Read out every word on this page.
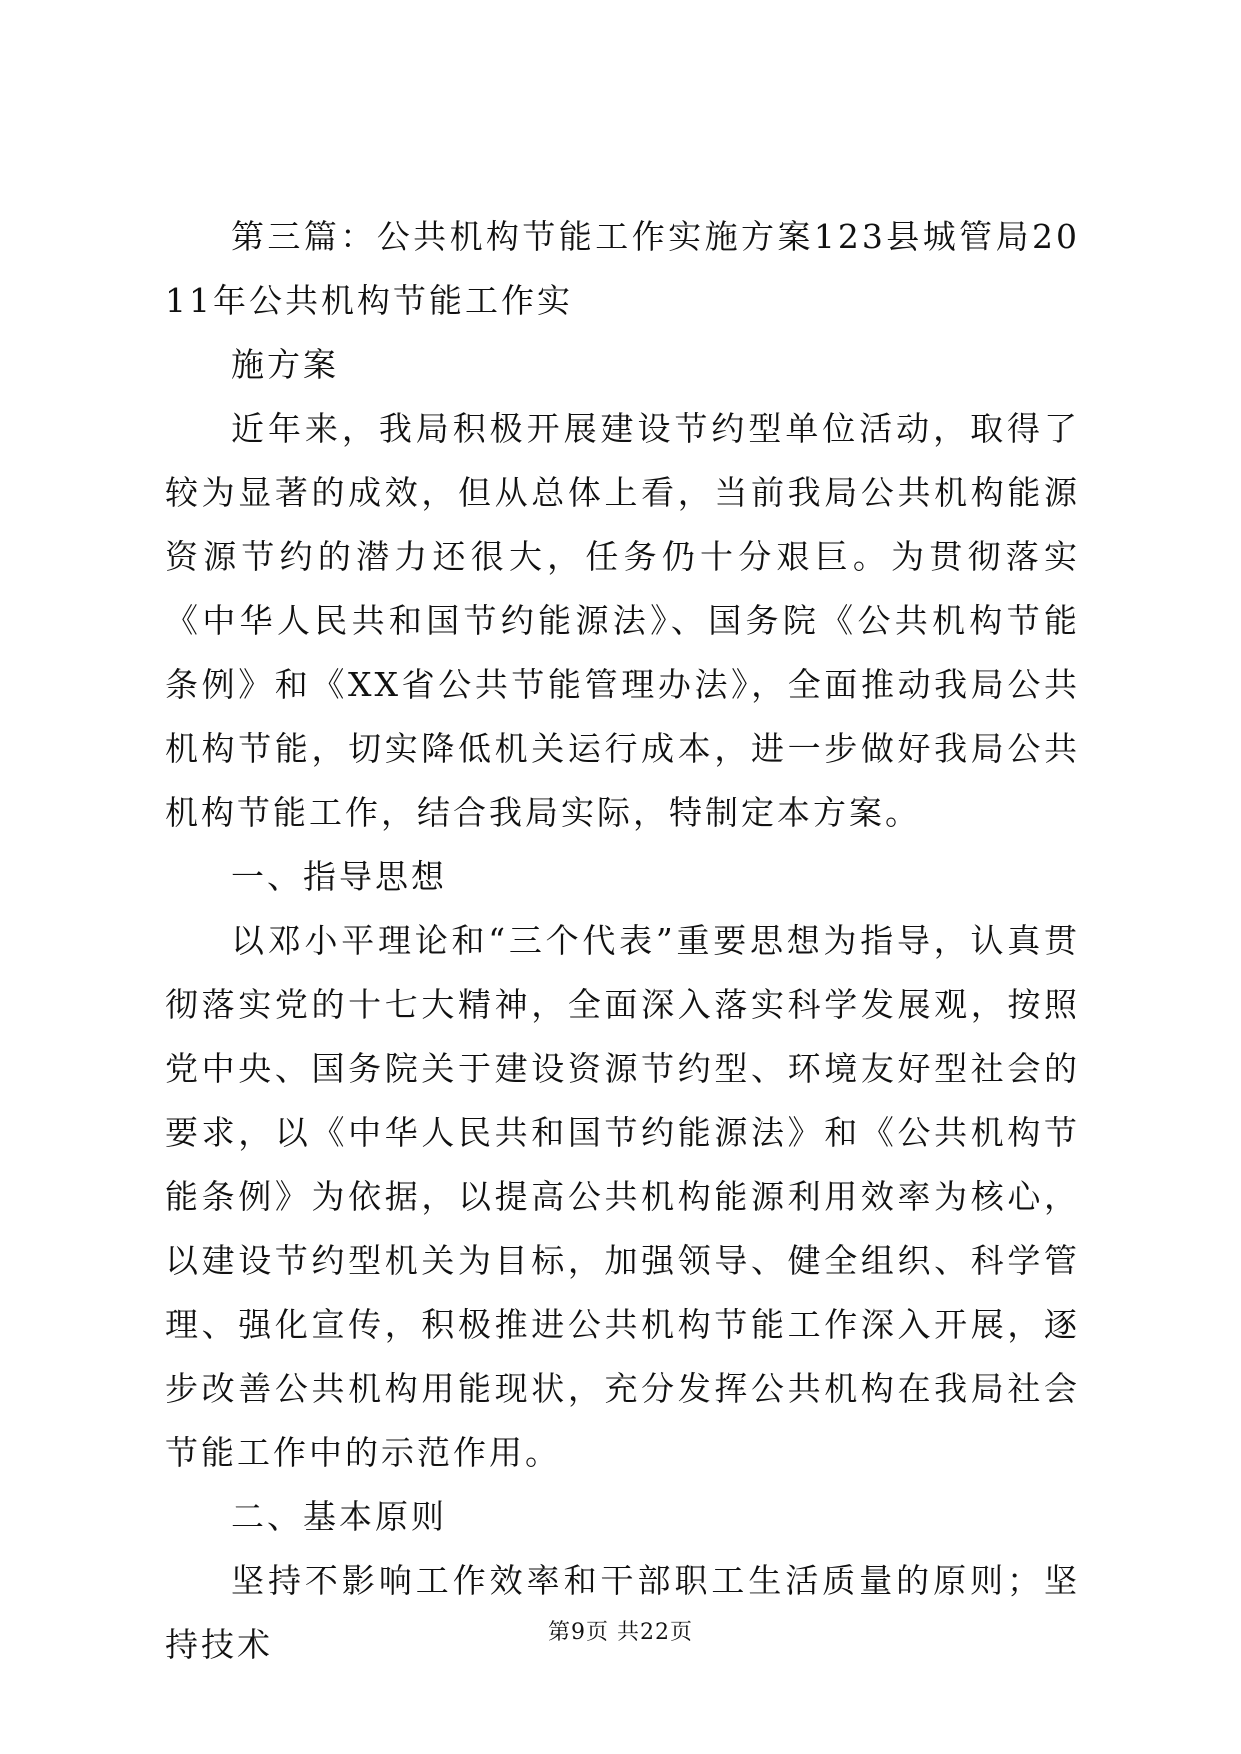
第三篇：公共机构节能工作实施方案123县城管局2011年公共机构节能工作实

施方案

近年来，我局积极开展建设节约型单位活动，取得了较为显著的成效，但从总体上看，当前我局公共机构能源资源节约的潜力还很大，任务仍十分艰巨。为贯彻落实《中华人民共和国节约能源法》、国务院《公共机构节能条例》和《XX省公共节能管理办法》，全面推动我局公共机构节能，切实降低机关运行成本，进一步做好我局公共机构节能工作，结合我局实际，特制定本方案。

一、指导思想

以邓小平理论和“三个代表”重要思想为指导，认真贯彻落实党的十七大精神，全面深入落实科学发展观，按照党中央、国务院关于建设资源节约型、环境友好型社会的要求，以《中华人民共和国节约能源法》和《公共机构节能条例》为依据，以提高公共机构能源利用效率为核心，以建设节约型机关为目标，加强领导、健全组织、科学管理、强化宣传，积极推进公共机构节能工作深入开展，逐步改善公共机构用能现状，充分发挥公共机构在我局社会节能工作中的示范作用。

二、基本原则

坚持不影响工作效率和干部职工生活质量的原则；坚持技术	第9页 共22页
